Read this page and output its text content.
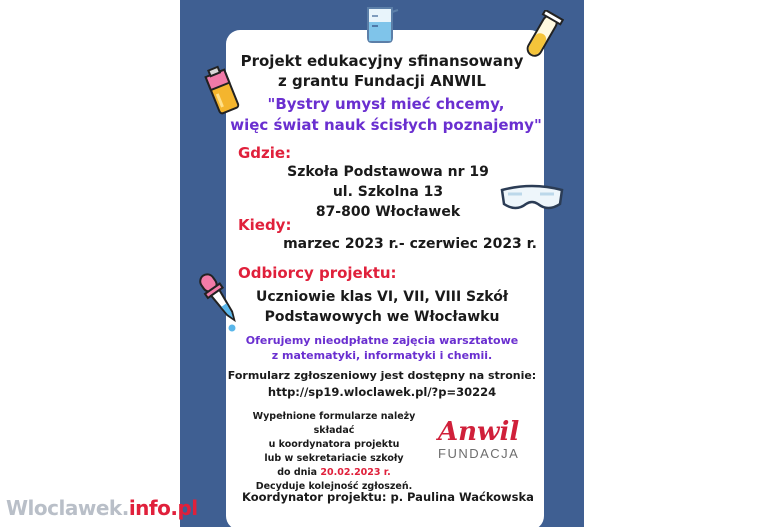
Projekt edukacyjny sfinansowany
z grantu Fundacji ANWIL
"Bystry umysł mieć chcemy,
więc świat nauk ścisłych poznajemy"
Gdzie:
Szkoła Podstawowa nr 19
ul. Szkolna 13
87-800 Włocławek
Kiedy:
marzec 2023 r.- czerwiec 2023 r.
Odbiorcy projektu:
Uczniowie klas VI, VII, VIII Szkół
Podstawowych we Włocławku
Oferujemy nieodpłatne zajęcia warsztatowe
z matematyki, informatyki i chemii.
Formularz zgłoszeniowy jest dostępny na stronie:
http://sp19.wloclawek.pl/?p=30224
Wypełnione formularze należy składać
u koordynatora projektu
lub w sekretariacie szkoły
do dnia 20.02.2023 r.
Decyduje kolejność zgłoszeń.
Anwil
FUNDACJA
Koordynator projektu: p. Paulina Waćkowska
Wloclawek.info.pl
